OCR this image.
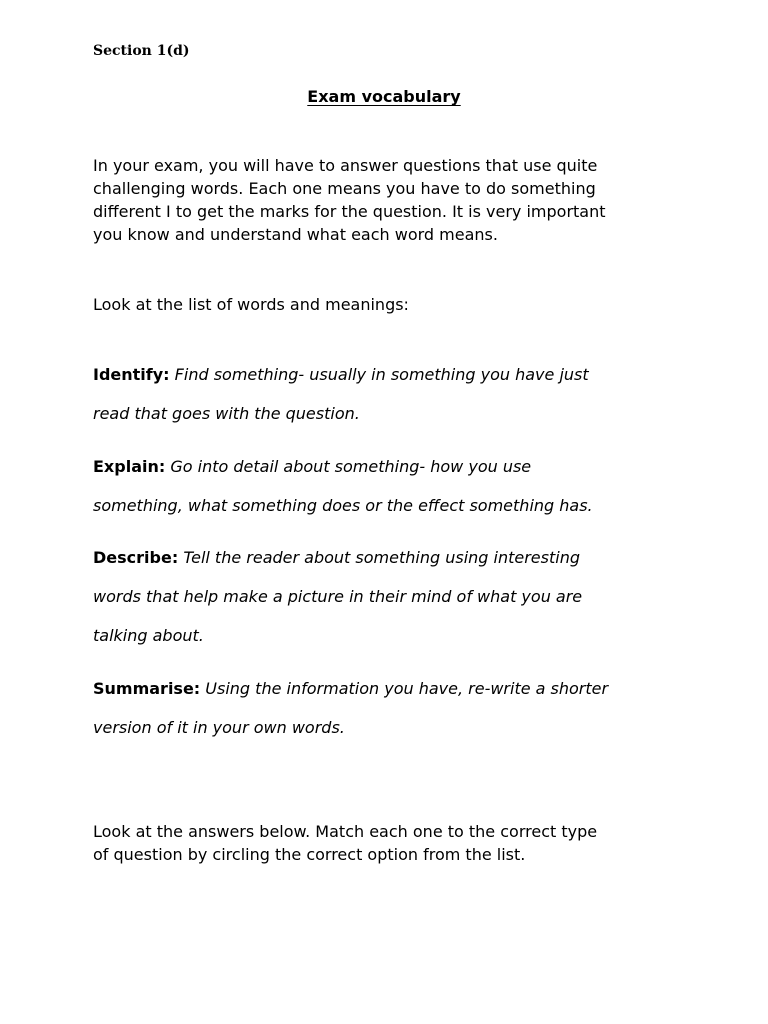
Section 1(d)
Exam vocabulary
In your exam, you will have to answer questions that use quite
challenging words. Each one means you have to do something
different I to get the marks for the question. It is very important
you know and understand what each word means.
Look at the list of words and meanings:
Identify: Find something- usually in something you have just
read that goes with the question.
Explain: Go into detail about something- how you use
something, what something does or the effect something has.
Describe: Tell the reader about something using interesting
words that help make a picture in their mind of what you are
talking about.
Summarise: Using the information you have, re-write a shorter
version of it in your own words.
Look at the answers below. Match each one to the correct type
of question by circling the correct option from the list.
